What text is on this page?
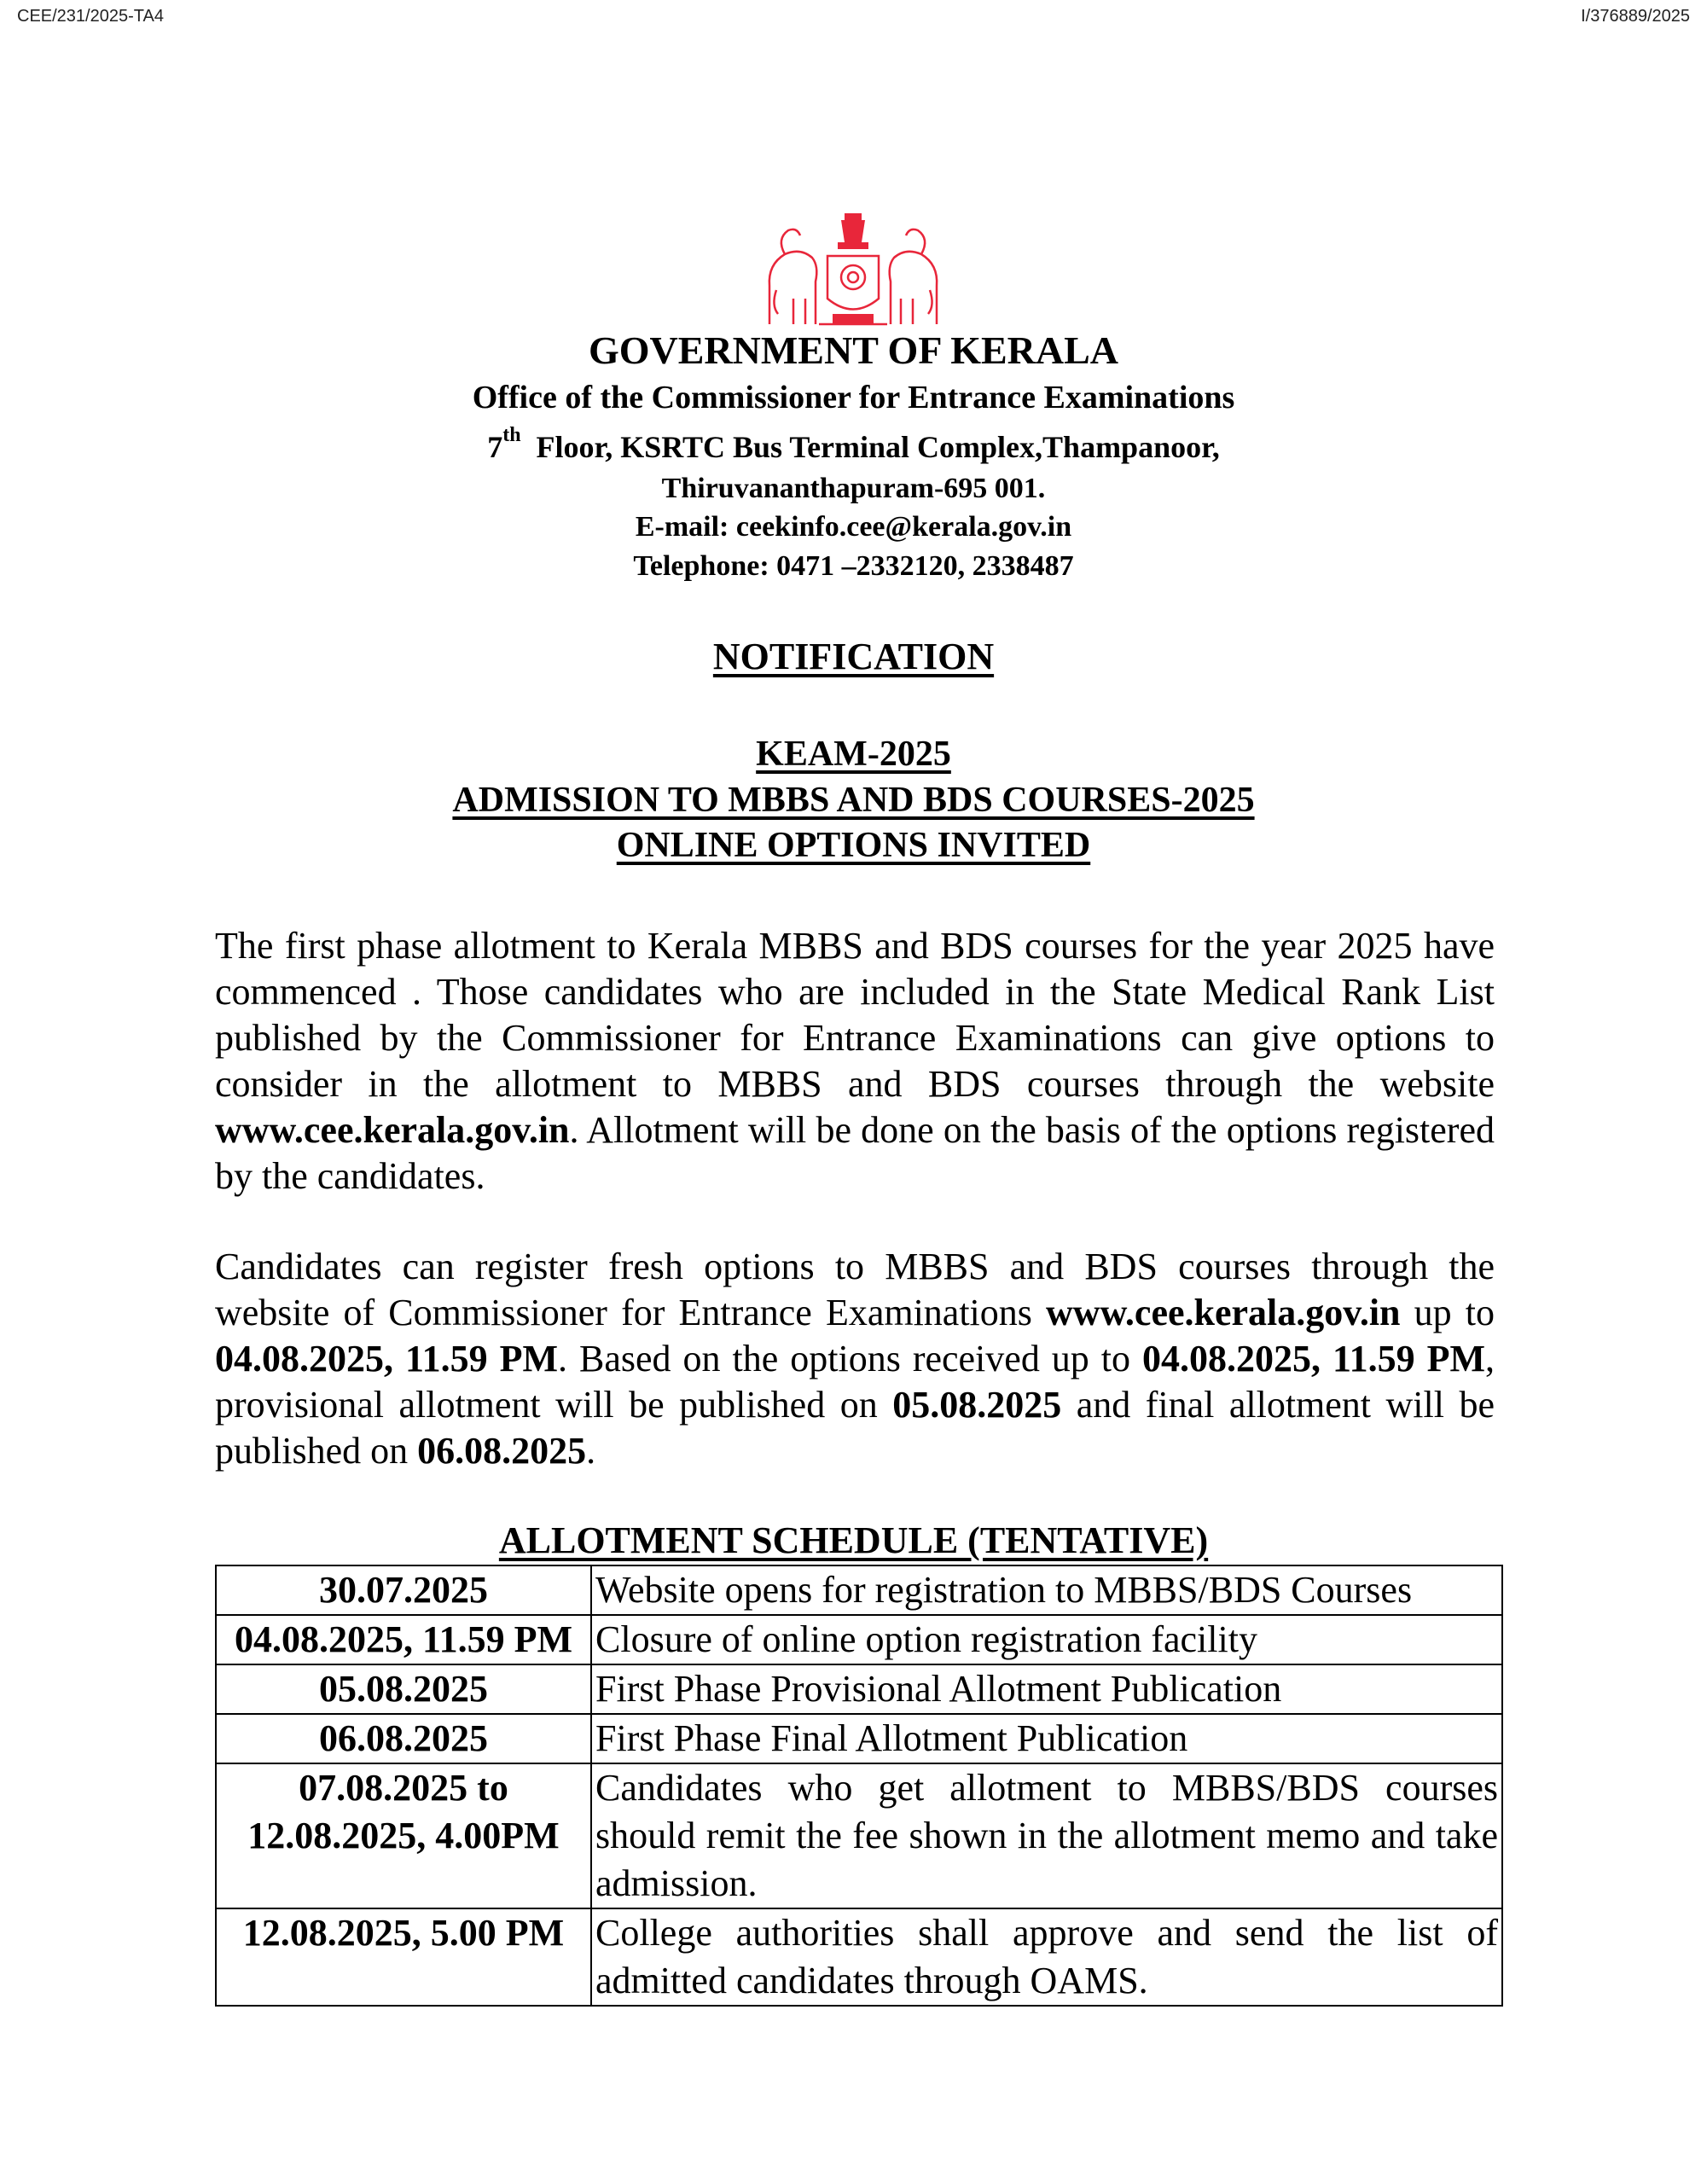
CEE/231/2025-TA4	I/376889/2025
GOVERNMENT OF KERALA
Office of the Commissioner for Entrance Examinations
7th Floor, KSRTC Bus Terminal Complex,Thampanoor,
Thiruvananthapuram-695 001.
E-mail: ceekinfo.cee@kerala.gov.in
Telephone: 0471 –2332120, 2338487
NOTIFICATION
KEAM-2025
ADMISSION TO MBBS AND BDS COURSES-2025
ONLINE OPTIONS INVITED

The first phase allotment to Kerala MBBS and BDS courses for the year 2025 have commenced . Those candidates who are included in the State Medical Rank List published by the Commissioner for Entrance Examinations can give options to consider in the allotment to MBBS and BDS courses through the website www.cee.kerala.gov.in. Allotment will be done on the basis of the options registered by the candidates.

Candidates can register fresh options to MBBS and BDS courses through the website of Commissioner for Entrance Examinations www.cee.kerala.gov.in up to 04.08.2025, 11.59 PM. Based on the options received up to 04.08.2025, 11.59 PM, provisional allotment will be published on 05.08.2025 and final allotment will be published on 06.08.2025.

ALLOTMENT SCHEDULE (TENTATIVE)
30.07.2025	Website opens for registration to MBBS/BDS Courses
04.08.2025, 11.59 PM	Closure of online option registration facility
05.08.2025	First Phase Provisional Allotment Publication
06.08.2025	First Phase Final Allotment Publication
07.08.2025 to 12.08.2025, 4.00PM	Candidates who get allotment to MBBS/BDS courses should remit the fee shown in the allotment memo and take admission.
12.08.2025, 5.00 PM	College authorities shall approve and send the list of admitted candidates through OAMS.
